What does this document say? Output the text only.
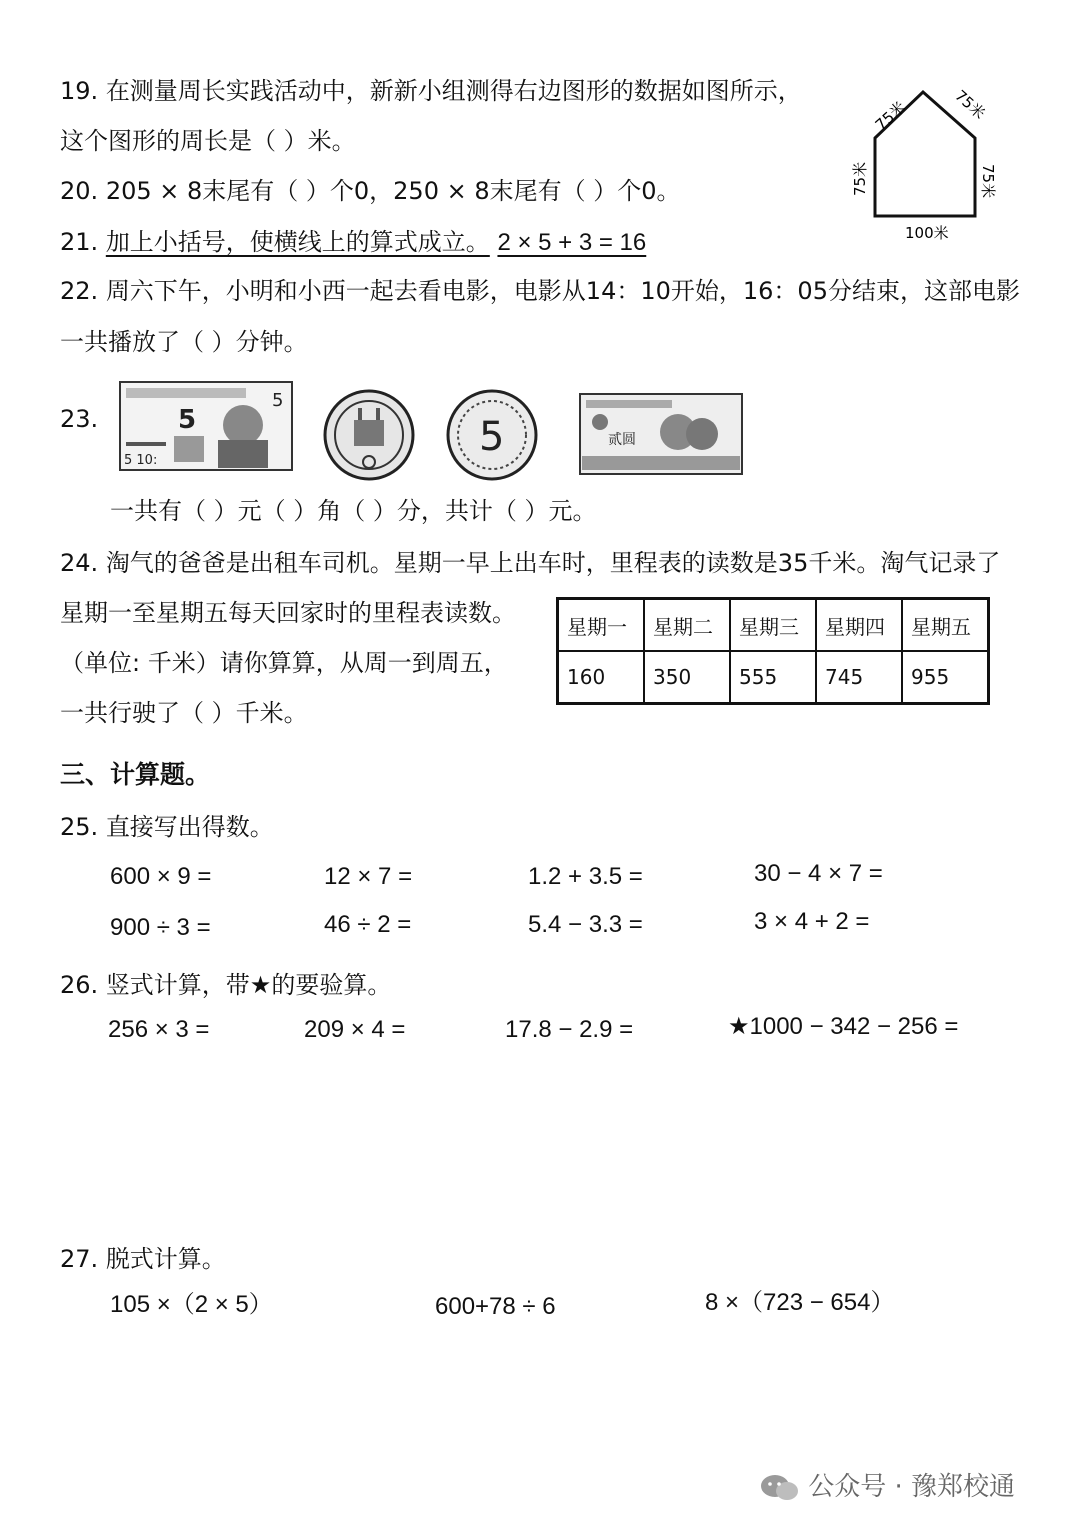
19. 在测量周长实践活动中，新新小组测得右边图形的数据如图所示，
这个图形的周长是（ ）米。
75米	75米
75米	75米
100米
20. 205 × 8末尾有（ ）个0，250 × 8末尾有（ ）个0。
21. 加上小括号，使横线上的算式成立。 2 × 5 + 3 = 16
22. 周六下午，小明和小西一起去看电影，电影从14：10开始，16：05分结束，这部电影
一共播放了（ ）分钟。
23.	5
5
5 10:
5	贰圆
一共有（ ）元（ ）角（ ）分，共计（ ）元。
24. 淘气的爸爸是出租车司机。星期一早上出车时，里程表的读数是35千米。淘气记录了
星期一至星期五每天回家时的里程表读数。
（单位: 千米）请你算算，从周一到周五，
一共行驶了（ ）千米。
星期一	星期二	星期三	星期四	星期五
160	350	555	745	955
三、计算题。
25. 直接写出得数。
600 × 9 =	12 × 7 =	1.2 + 3.5 =	30 − 4 × 7 =
900 ÷ 3 =	46 ÷ 2 =	5.4 − 3.3 =	3 × 4 + 2 =
26. 竖式计算，带★的要验算。
256 × 3 =	209 × 4 =	17.8 − 2.9 =	★1000 − 342 − 256 =
27. 脱式计算。
105 ×（2 × 5）	600+78 ÷ 6	8 ×（723 − 654）
公众号 · 豫郑校通
